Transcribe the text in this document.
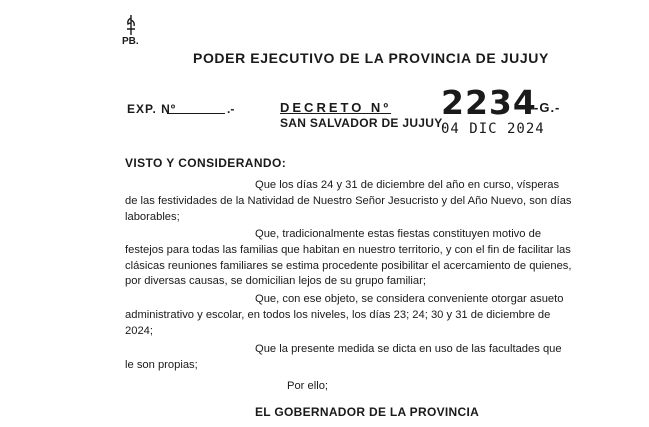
PB.
PODER EJECUTIVO DE LA PROVINCIA DE JUJUY
EXP. Nº	.-	DECRETO Nº 2234
-G.-
SAN SALVADOR DE JUJUY,
04 DIC 2024
VISTO Y CONSIDERANDO:
Que los días 24 y 31 de diciembre del año en curso, vísperas
de las festividades de la Natividad de Nuestro Señor Jesucristo y del Año Nuevo, son días
laborables;
Que, tradicionalmente estas fiestas constituyen motivo de
festejos para todas las familias que habitan en nuestro territorio, y con el fin de facilitar las
clásicas reuniones familiares se estima procedente posibilitar el acercamiento de quienes,
por diversas causas, se domicilian lejos de su grupo familiar;
Que, con ese objeto, se considera conveniente otorgar asueto
administrativo y escolar, en todos los niveles, los días 23; 24; 30 y 31 de diciembre de
2024;
Que la presente medida se dicta en uso de las facultades que
le son propias;
Por ello;
EL GOBERNADOR DE LA PROVINCIA
